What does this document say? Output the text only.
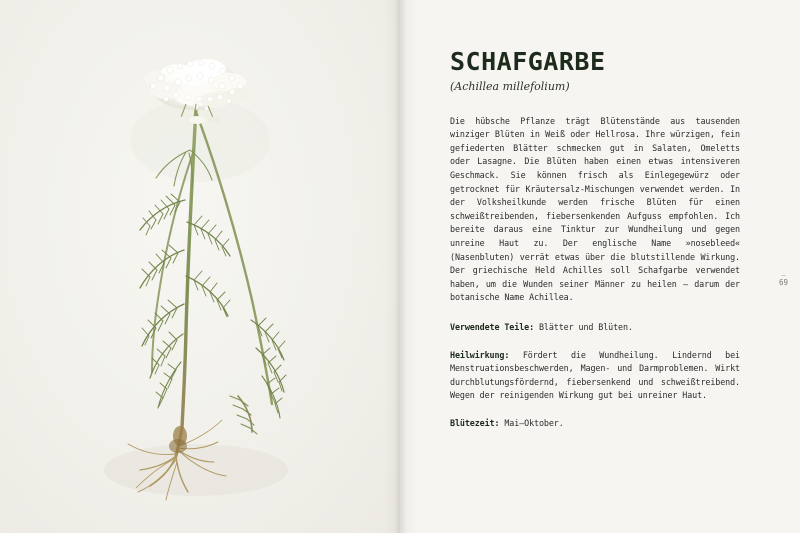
SCHAFGARBE

(Achillea millefolium)

Die hübsche Pflanze trägt Blütenstände aus tausenden winziger Blüten in Weiß oder Hellrosa. Ihre würzigen, fein gefiederten Blätter schmecken gut in Salaten, Omeletts oder Lasagne. Die Blüten haben einen etwas intensiveren Geschmack. Sie können frisch als Einlegegewürz oder getrocknet für Kräutersalz-Mischungen verwendet werden. In der Volksheilkunde werden frische Blüten für einen schweißtreibenden, fiebersenkenden Aufguss empfohlen. Ich bereite daraus eine Tinktur zur Wundheilung und gegen unreine Haut zu. Der englische Name »nosebleed« (Nasenbluten) verrät etwas über die blutstillende Wirkung. Der griechische Held Achilles soll Schafgarbe verwendet haben, um die Wunden seiner Männer zu heilen – darum der botanische Name Achillea.

Verwendete Teile: Blätter und Blüten.

Heilwirkung: Fördert die Wundheilung. Lindernd bei Menstruationsbeschwerden, Magen- und Darmproblemen. Wirkt durchblutungsfördernd, fiebersenkend und schweißtreibend. Wegen der reinigenden Wirkung gut bei unreiner Haut.

Blütezeit: Mai–Oktober.

—
69
